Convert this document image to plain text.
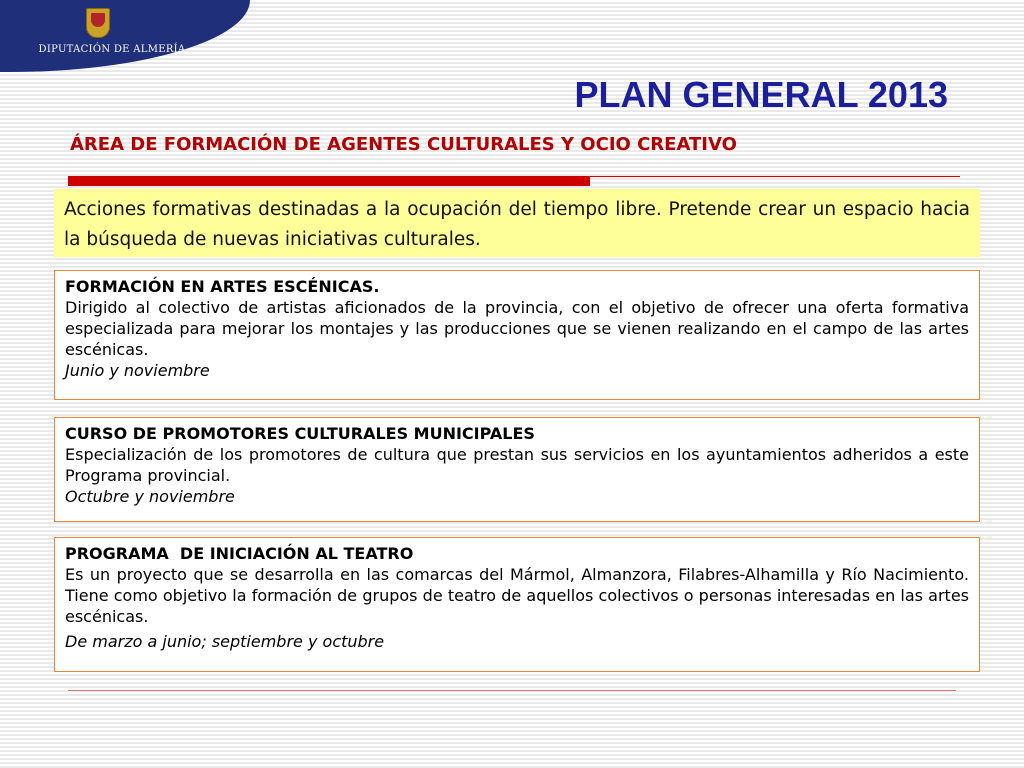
DIPUTACIÓN DE ALMERÍA
PLAN GENERAL 2013
ÁREA DE FORMACIÓN DE AGENTES CULTURALES Y OCIO CREATIVO
Acciones formativas destinadas a la ocupación del tiempo libre. Pretende crear un espacio hacia la búsqueda de nuevas iniciativas culturales.
FORMACIÓN EN ARTES ESCÉNICAS.
Dirigido al colectivo de artistas aficionados de la provincia, con el objetivo de ofrecer una oferta formativa especializada para mejorar los montajes y las producciones que se vienen realizando en el campo de las artes escénicas.
Junio y noviembre
CURSO DE PROMOTORES CULTURALES MUNICIPALES
Especialización de los promotores de cultura que prestan sus servicios en los ayuntamientos adheridos a este Programa provincial.
Octubre y noviembre
PROGRAMA  DE INICIACIÓN AL TEATRO
Es un proyecto que se desarrolla en las comarcas del Mármol, Almanzora, Filabres-Alhamilla y Río Nacimiento. Tiene como objetivo la formación de grupos de teatro de aquellos colectivos o personas interesadas en las artes escénicas.
De marzo a junio; septiembre y octubre
